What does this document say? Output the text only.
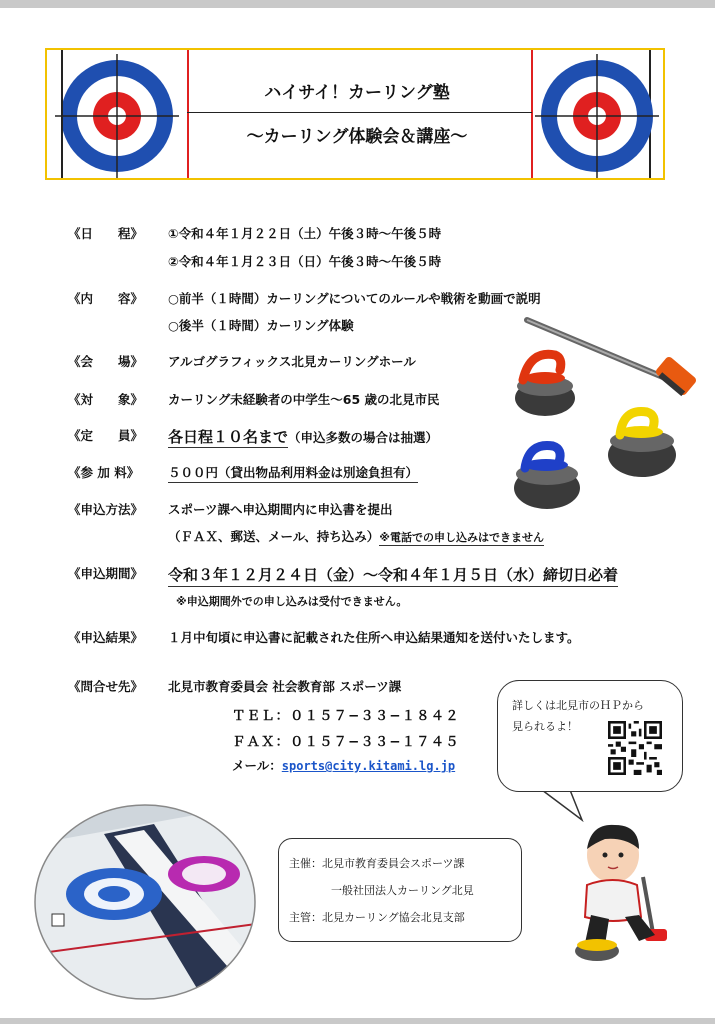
ハイサイ！カーリング塾
〜カーリング体験会＆講座〜
《日　　程》	①令和４年１月２２日（土）午後３時〜午後５時
②令和４年１月２３日（日）午後３時〜午後５時
《内　　容》	○前半（１時間）カーリングについてのルールや戦術を動画で説明
○後半（１時間）カーリング体験
《会　　場》	アルゴグラフィックス北見カーリングホール
《対　　象》	カーリング未経験者の中学生〜65 歳の北見市民
《定　　員》	各日程１０名まで（申込多数の場合は抽選）
《参 加 料》	５００円（貸出物品利用料金は別途負担有）
《申込方法》	スポーツ課へ申込期間内に申込書を提出
（ＦＡＸ、郵送、メール、持ち込み）※電話での申し込みはできません
《申込期間》	令和３年１２月２４日（金）〜令和４年１月５日（水）締切日必着
※申込期間外での申し込みは受付できません。
《申込結果》	１月中旬頃に申込書に記載された住所へ申込結果通知を送付いたします。
《問合せ先》	北見市教育委員会 社会教育部 スポーツ課
ＴＥＬ：０１５７−３３−１８４２
ＦＡＸ：０１５７−３３−１７４５
メール：sports@city.kitami.lg.jp
詳しくは北見市のＨＰから
見られるよ！
主催：北見市教育委員会スポーツ課
一般社団法人カーリング北見
主管：北見カーリング協会北見支部
